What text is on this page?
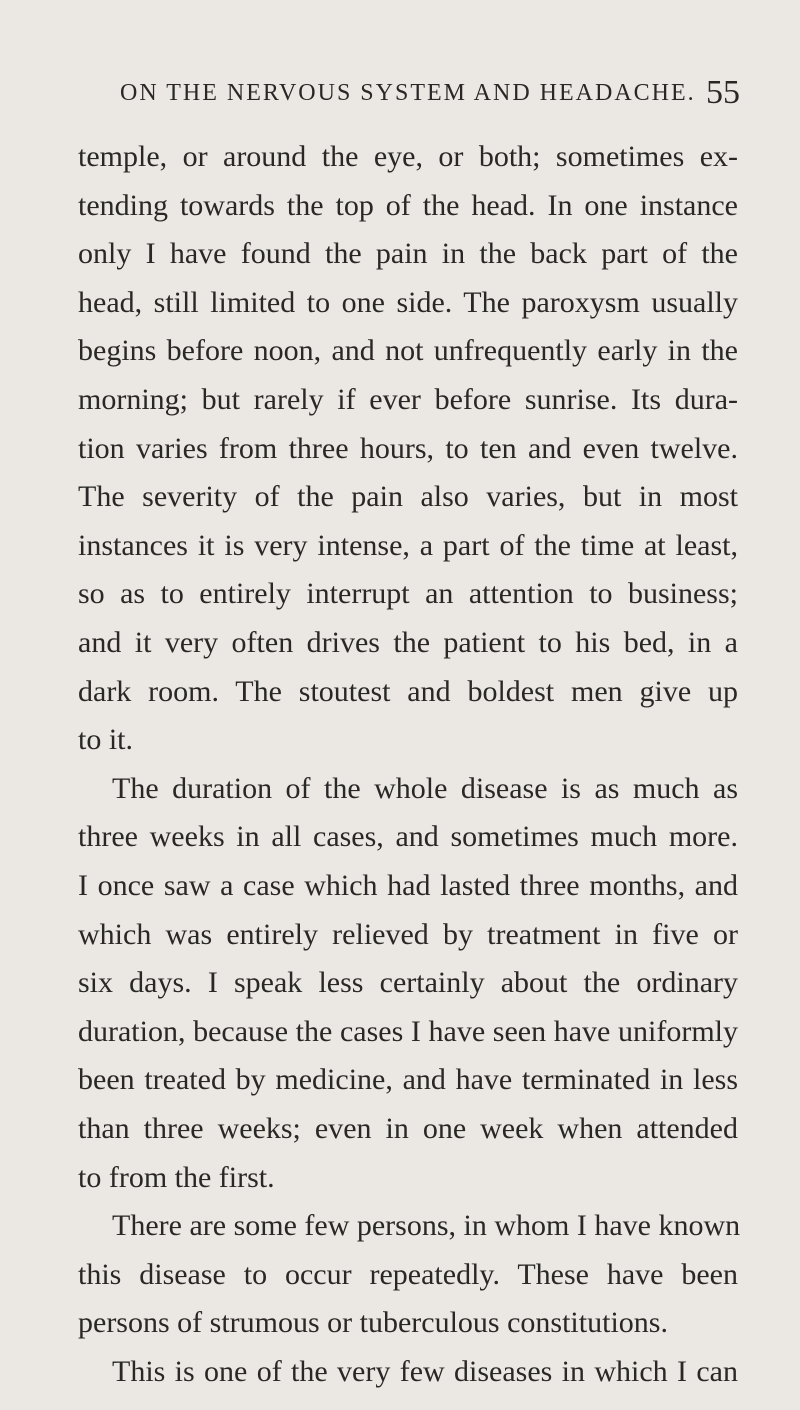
ON THE NERVOUS SYSTEM AND HEADACHE. 55
temple, or around the eye, or both; sometimes ex-
tending towards the top of the head. In one instance
only I have found the pain in the back part of the
head, still limited to one side. The paroxysm usually
begins before noon, and not unfrequently early in the
morning; but rarely if ever before sunrise. Its dura-
tion varies from three hours, to ten and even twelve.
The severity of the pain also varies, but in most
instances it is very intense, a part of the time at least,
so as to entirely interrupt an attention to business;
and it very often drives the patient to his bed, in a
dark room. The stoutest and boldest men give up
to it.
The duration of the whole disease is as much as
three weeks in all cases, and sometimes much more.
I once saw a case which had lasted three months, and
which was entirely relieved by treatment in five or
six days. I speak less certainly about the ordinary
duration, because the cases I have seen have uniformly
been treated by medicine, and have terminated in less
than three weeks; even in one week when attended
to from the first.
There are some few persons, in whom I have known
this disease to occur repeatedly. These have been
persons of strumous or tuberculous constitutions.
This is one of the very few diseases in which I can
